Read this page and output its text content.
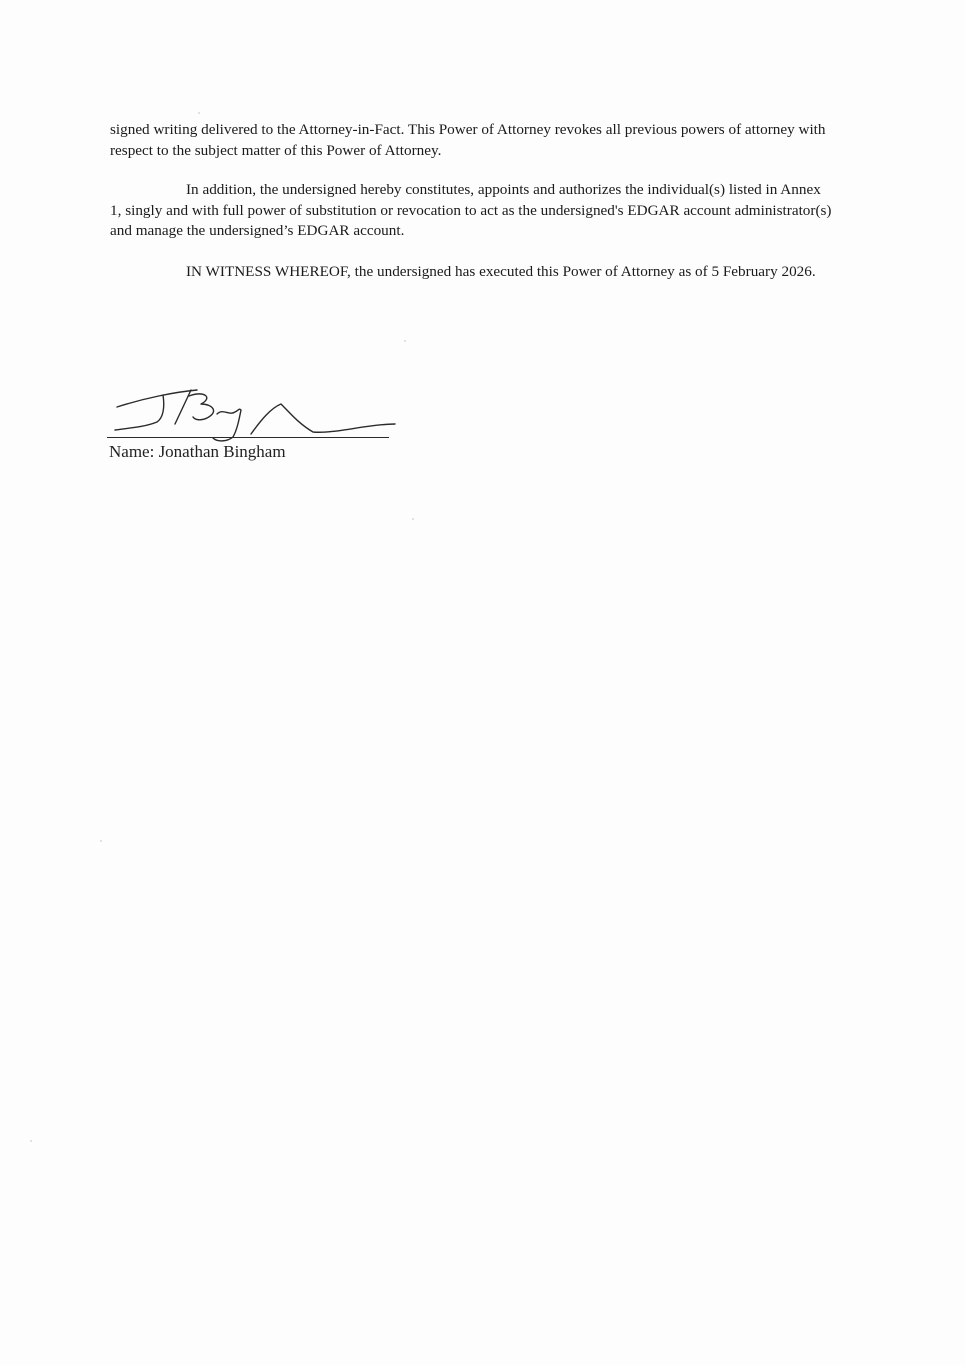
signed writing delivered to the Attorney-in-Fact. This Power of Attorney revokes all previous powers of attorney with respect to the subject matter of this Power of Attorney.

In addition, the undersigned hereby constitutes, appoints and authorizes the individual(s) listed in Annex 1, singly and with full power of substitution or revocation to act as the undersigned's EDGAR account administrator(s) and manage the undersigned’s EDGAR account.

IN WITNESS WHEREOF, the undersigned has executed this Power of Attorney as of 5 February 2026.

Name: Jonathan Bingham
